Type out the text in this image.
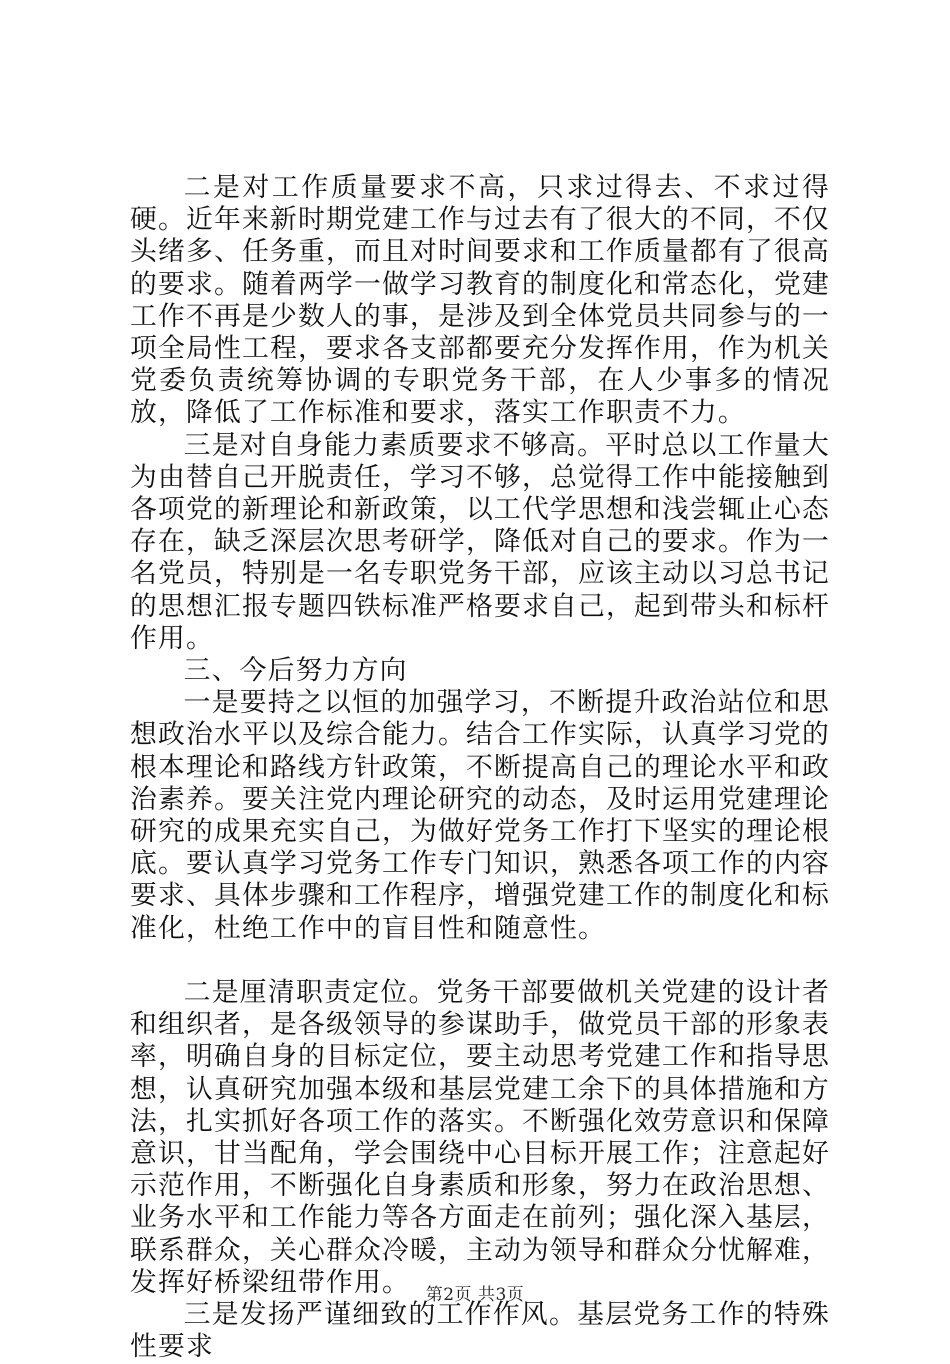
二是对工作质量要求不高，只求过得去、不求过得硬。近年来新时期党建工作与过去有了很大的不同，不仅头绪多、任务重，而且对时间要求和工作质量都有了很高的要求。随着两学一做学习教育的制度化和常态化，党建工作不再是少数人的事，是涉及到全体党员共同参与的一项全局性工程，要求各支部都要充分发挥作用，作为机关党委负责统筹协调的专职党务干部，在人少事多的情况放，降低了工作标准和要求，落实工作职责不力。

三是对自身能力素质要求不够高。平时总以工作量大为由替自己开脱责任，学习不够，总觉得工作中能接触到各项党的新理论和新政策，以工代学思想和浅尝辄止心态存在，缺乏深层次思考研学，降低对自己的要求。作为一名党员，特别是一名专职党务干部，应该主动以习总书记的思想汇报专题四铁标准严格要求自己，起到带头和标杆作用。

三、今后努力方向

一是要持之以恒的加强学习，不断提升政治站位和思想政治水平以及综合能力。结合工作实际，认真学习党的根本理论和路线方针政策，不断提高自己的理论水平和政治素养。要关注党内理论研究的动态，及时运用党建理论研究的成果充实自己，为做好党务工作打下坚实的理论根底。要认真学习党务工作专门知识，熟悉各项工作的内容要求、具体步骤和工作程序，增强党建工作的制度化和标准化，杜绝工作中的盲目性和随意性。

二是厘清职责定位。党务干部要做机关党建的设计者和组织者，是各级领导的参谋助手，做党员干部的形象表率，明确自身的目标定位，要主动思考党建工作和指导思想，认真研究加强本级和基层党建工余下的具体措施和方法，扎实抓好各项工作的落实。不断强化效劳意识和保障意识，甘当配角，学会围绕中心目标开展工作；注意起好示范作用，不断强化自身素质和形象，努力在政治思想、业务水平和工作能力等各方面走在前列；强化深入基层，联系群众，关心群众冷暖，主动为领导和群众分忧解难，发挥好桥梁纽带作用。

三是发扬严谨细致的工作作风。基层党务工作的特殊性要求

第2页 共3页
